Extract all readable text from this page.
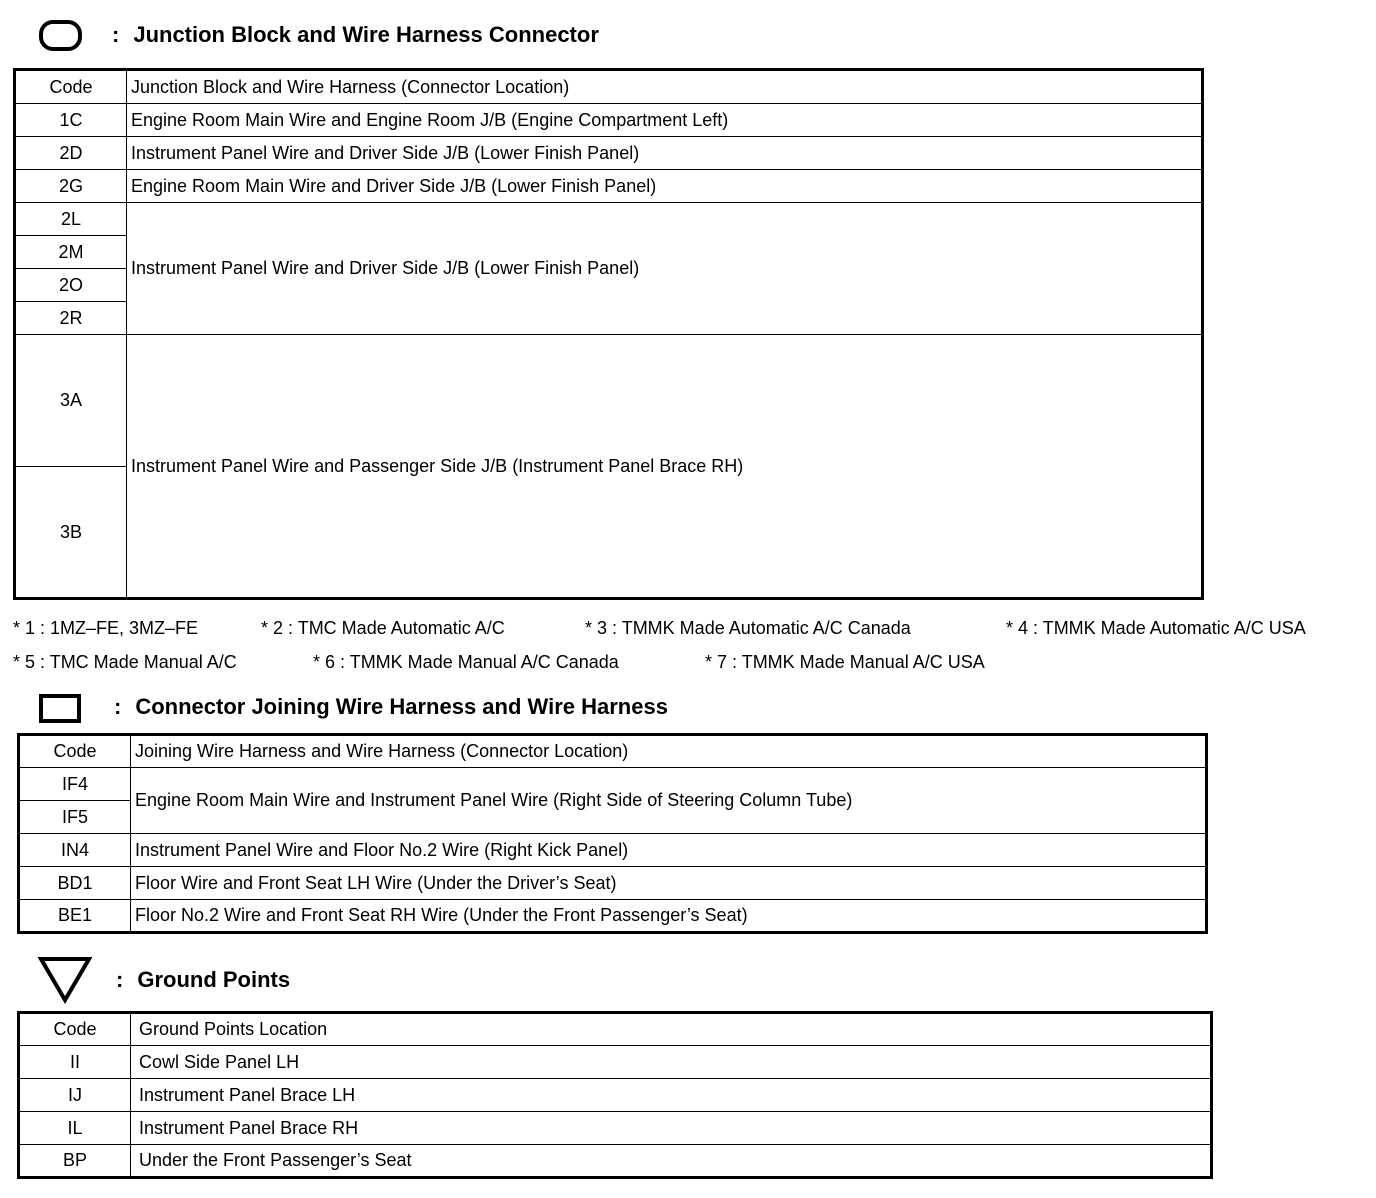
: Junction Block and Wire Harness Connector
Code	Junction Block and Wire Harness (Connector Location)
1C	Engine Room Main Wire and Engine Room J/B (Engine Compartment Left)
2D	Instrument Panel Wire and Driver Side J/B (Lower Finish Panel)
2G	Engine Room Main Wire and Driver Side J/B (Lower Finish Panel)
2L	Instrument Panel Wire and Driver Side J/B (Lower Finish Panel)
2M	
2O	
2R	
3A	Instrument Panel Wire and Passenger Side J/B (Instrument Panel Brace RH)
3B	
* 1 : 1MZ–FE, 3MZ–FE	* 2 : TMC Made Automatic A/C	* 3 : TMMK Made Automatic A/C Canada	* 4 : TMMK Made Automatic A/C USA
* 5 : TMC Made Manual A/C	* 6 : TMMK Made Manual A/C Canada	* 7 : TMMK Made Manual A/C USA
: Connector Joining Wire Harness and Wire Harness
Code	Joining Wire Harness and Wire Harness (Connector Location)
IF4	Engine Room Main Wire and Instrument Panel Wire (Right Side of Steering Column Tube)
IF5	
IN4	Instrument Panel Wire and Floor No.2 Wire (Right Kick Panel)
BD1	Floor Wire and Front Seat LH Wire (Under the Driver’s Seat)
BE1	Floor No.2 Wire and Front Seat RH Wire (Under the Front Passenger’s Seat)
: Ground Points
Code	Ground Points Location
II	Cowl Side Panel LH
IJ	Instrument Panel Brace LH
IL	Instrument Panel Brace RH
BP	Under the Front Passenger’s Seat
